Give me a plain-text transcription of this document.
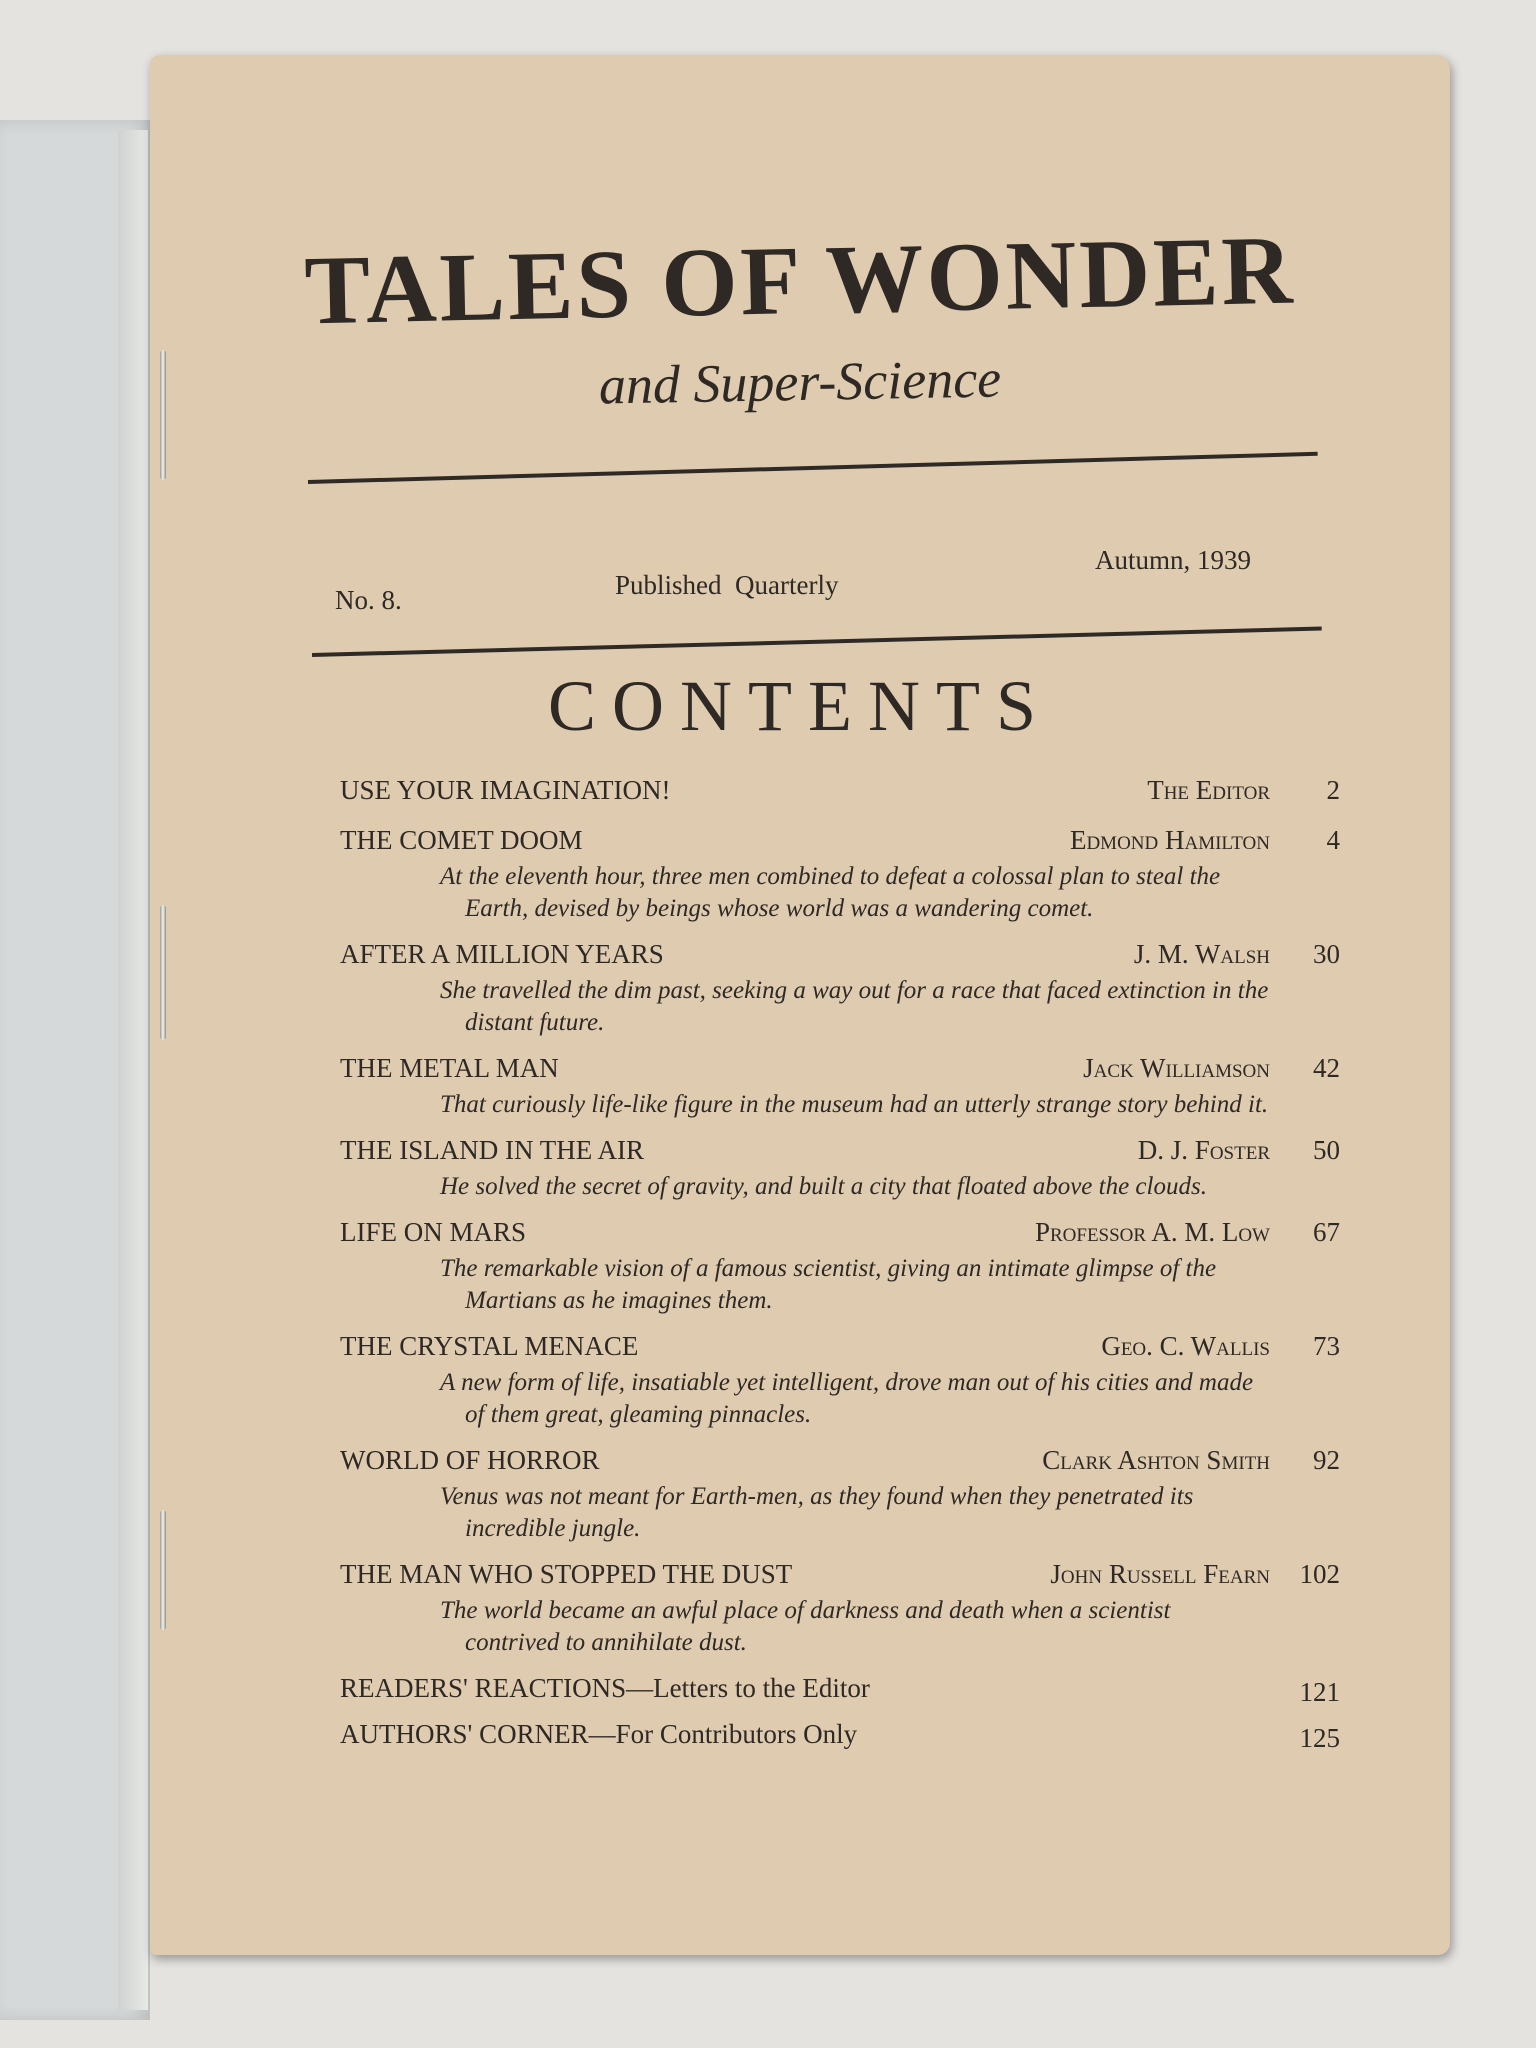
TALES OF WONDER
and Super-Science
No. 8.	Published  Quarterly
Autumn, 1939
CONTENTS
USE YOUR IMAGINATION!	The Editor	2
THE COMET DOOM	Edmond Hamilton	4
At the eleventh hour, three men combined to defeat a colossal plan to steal the Earth, devised by beings whose world was a wandering comet.
AFTER A MILLION YEARS	J. M. Walsh	30
She travelled the dim past, seeking a way out for a race that faced extinction in the distant future.
THE METAL MAN	Jack Williamson	42
That curiously life-like figure in the museum had an utterly strange story behind it.
THE ISLAND IN THE AIR	D. J. Foster	50
He solved the secret of gravity, and built a city that floated above the clouds.
LIFE ON MARS	Professor A. M. Low	67
The remarkable vision of a famous scientist, giving an intimate glimpse of the Martians as he imagines them.
THE CRYSTAL MENACE	Geo. C. Wallis	73
A new form of life, insatiable yet intelligent, drove man out of his cities and made of them great, gleaming pinnacles.
WORLD OF HORROR	Clark Ashton Smith	92
Venus was not meant for Earth-men, as they found when they penetrated its incredible jungle.
THE MAN WHO STOPPED THE DUST	John Russell Fearn	102
The world became an awful place of darkness and death when a scientist contrived to annihilate dust.
READERS' REACTIONS—Letters to the Editor	121
AUTHORS' CORNER—For Contributors Only	125
